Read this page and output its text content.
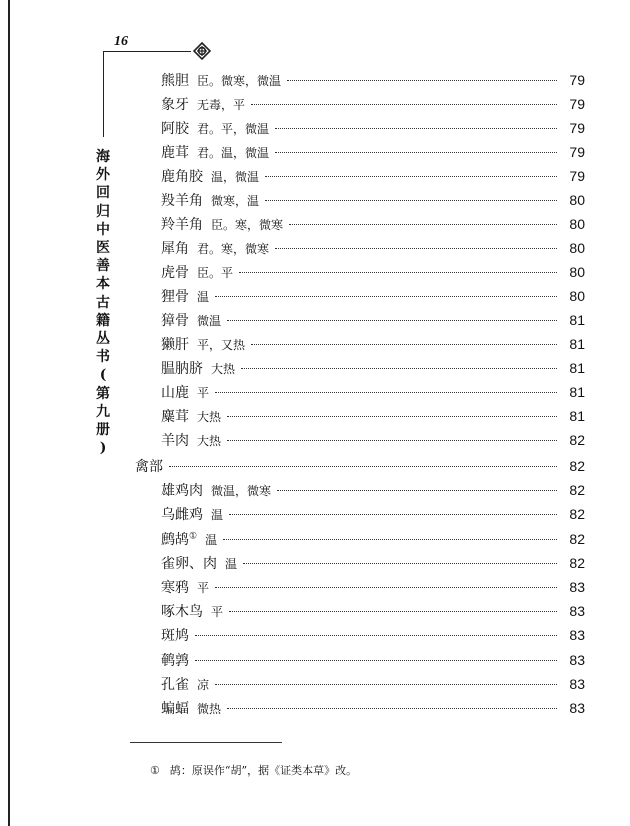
16
海
外
回
归
中
医
善
本
古
籍
丛
书
(
第
九
册
)
熊胆 臣。微寒，微温	79
象牙 无毒，平	79
阿胶 君。平，微温	79
鹿茸 君。温，微温	79
鹿角胶 温，微温	79
羖羊角 微寒，温	80
羚羊角 臣。寒，微寒	80
犀角 君。寒，微寒	80
虎骨 臣。平	80
狸骨 温	80
獐骨 微温	81
獭肝 平，又热	81
腽肭脐 大热	81
山鹿 平	81
麋茸 大热	81
羊肉 大热	82
禽部	82
雄鸡肉 微温，微寒	82
乌雌鸡 温	82
鹧鸪① 温	82
雀卵、肉 温	82
寒鸦 平	83
啄木鸟 平	83
斑鸠	83
鹌鹑	83
孔雀 凉	83
蝙蝠 微热	83
① 鸪：原误作“胡”，据《证类本草》改。
